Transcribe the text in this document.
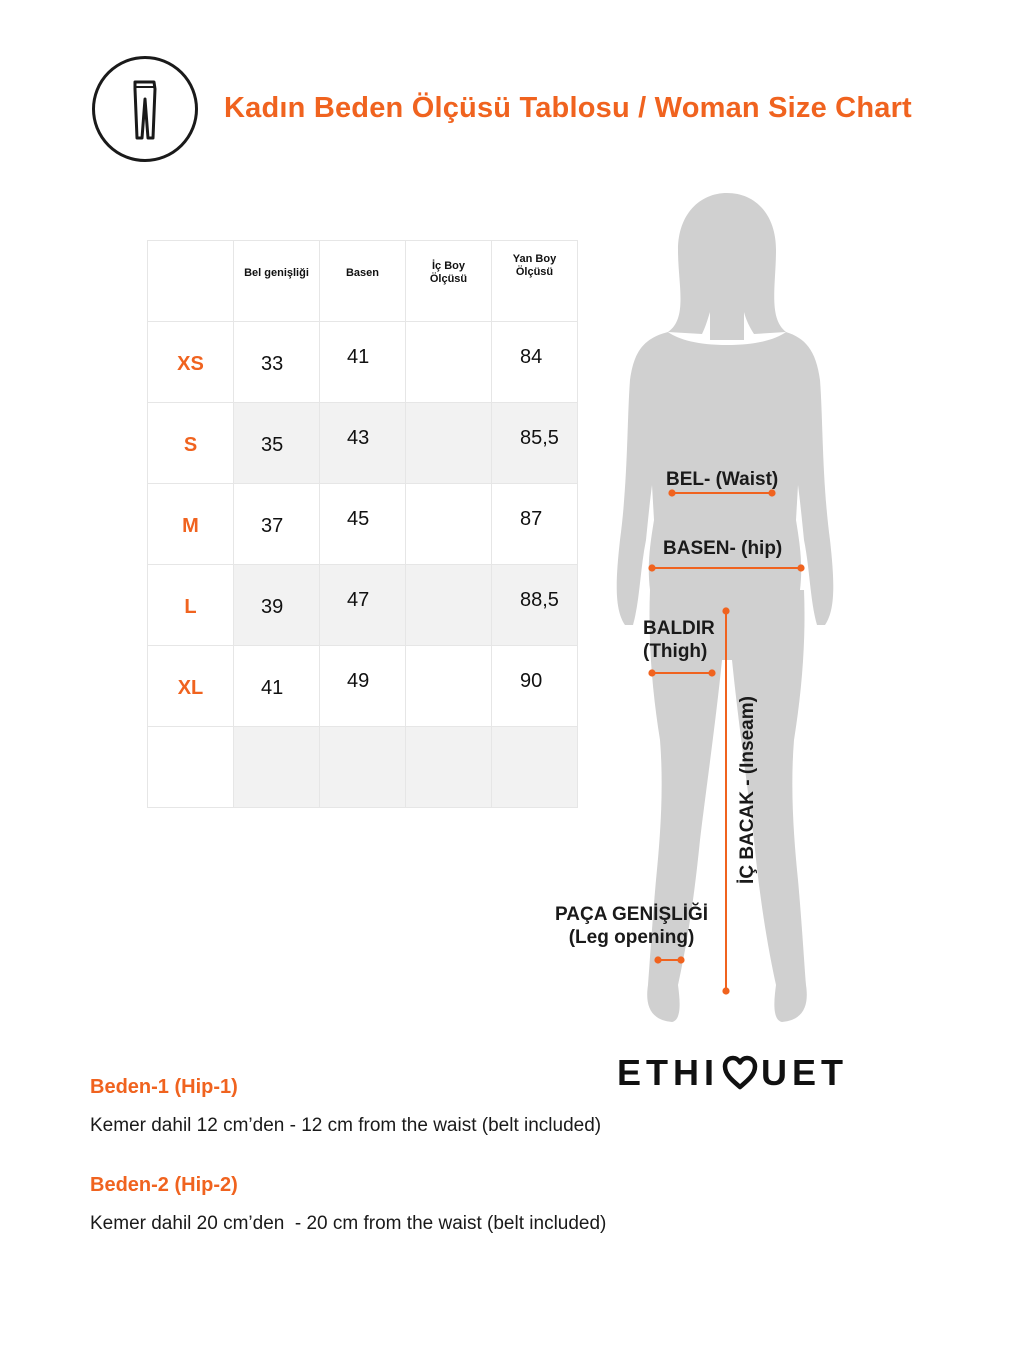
Kadın Beden Ölçüsü Tablosu / Woman Size Chart
	Bel genişliği	Basen	İç Boy Ölçüsü	Yan Boy Ölçüsü
XS	33	41		84
S	35	43		85,5
M	37	45		87
L	39	47		88,5
XL	41	49		90

BEL- (Waist)
BASEN- (hip)
BALDIR
(Thigh)
İÇ BACAK - (Inseam)
PAÇA GENİŞLİĞİ
(Leg opening)
ETHI UET
Beden-1 (Hip-1)
Kemer dahil 12 cm’den - 12 cm from the waist (belt included)
Beden-2 (Hip-2)
Kemer dahil 20 cm’den  - 20 cm from the waist (belt included)
